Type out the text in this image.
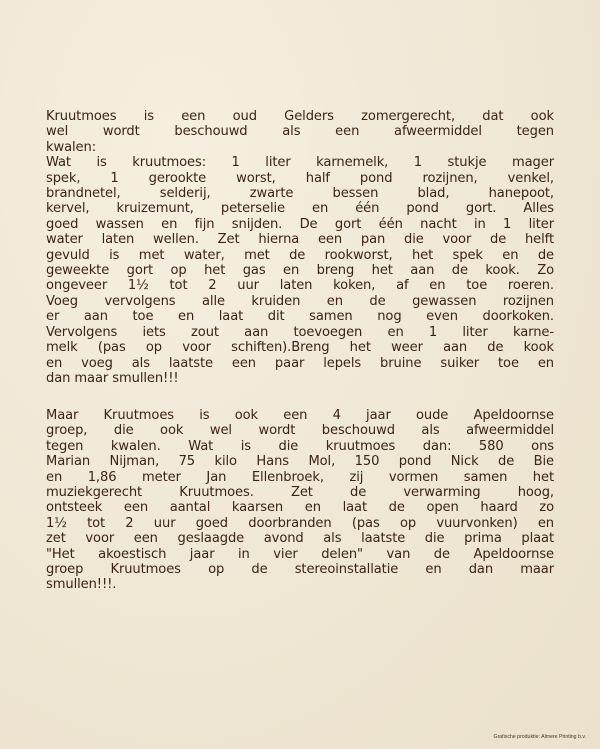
Kruutmoes is een oud Gelders zomergerecht, dat ook
wel wordt beschouwd als een afweermiddel tegen
kwalen:
Wat is kruutmoes: 1 liter karnemelk, 1 stukje mager
spek, 1 gerookte worst, half pond rozijnen, venkel,
brandnetel, selderij, zwarte bessen blad, hanepoot,
kervel, kruizemunt, peterselie en één pond gort. Alles
goed wassen en fijn snijden. De gort één nacht in 1 liter
water laten wellen. Zet hierna een pan die voor de helft
gevuld is met water, met de rookworst, het spek en de
geweekte gort op het gas en breng het aan de kook. Zo
ongeveer 1½ tot 2 uur laten koken, af en toe roeren.
Voeg vervolgens alle kruiden en de gewassen rozijnen
er aan toe en laat dit samen nog even doorkoken.
Vervolgens iets zout aan toevoegen en 1 liter karne-
melk (pas op voor schiften).Breng het weer aan de kook
en voeg als laatste een paar lepels bruine suiker toe en
dan maar smullen!!!
Maar Kruutmoes is ook een 4 jaar oude Apeldoornse
groep, die ook wel wordt beschouwd als afweermiddel
tegen kwalen. Wat is die kruutmoes dan: 580 ons
Marian Nijman, 75 kilo Hans Mol, 150 pond Nick de Bie
en 1,86 meter Jan Ellenbroek, zij vormen samen het
muziekgerecht Kruutmoes. Zet de verwarming hoog,
ontsteek een aantal kaarsen en laat de open haard zo
1½ tot 2 uur goed doorbranden (pas op vuurvonken) en
zet voor een geslaagde avond als laatste die prima plaat
"Het akoestisch jaar in vier delen" van de Apeldoornse
groep Kruutmoes op de stereoinstallatie en dan maar
smullen!!!.
Grafische produktie: Almere Printing b.v.
